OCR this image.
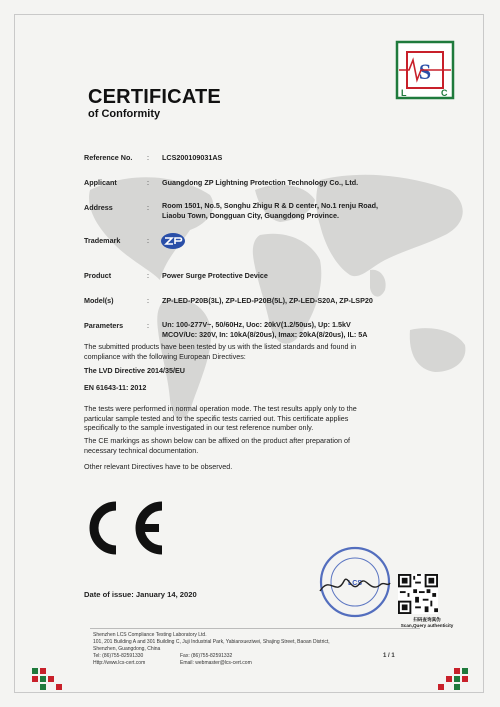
S
L	C
CERTIFICATE
of Conformity
Reference No. : LCS200109031AS
Applicant	: Guangdong ZP Lightning Protection Technology Co., Ltd.
Address	: Room 1501, No.5, Songhu Zhigu R & D center, No.1 renju Road,
Liaobu Town, Dongguan City, Guangdong Province.
Trademark	:
Product	: Power Surge Protective Device
Model(s)	: ZP-LED-P20B(3L), ZP-LED-P20B(5L), ZP-LED-S20A, ZP-LSP20
Parameters	: Un: 100-277V~, 50/60Hz, Uoc: 20kV(1.2/50us), Up: 1.5kV
MCOV/Uc: 320V, In: 10kA(8/20us), Imax: 20kA(8/20us), IL: 5A
The submitted products have been tested by us with the listed standards and found in
compliance with the following European Directives:
The LVD Directive 2014/35/EU
EN 61643-11: 2012
The tests were performed in normal operation mode. The test results apply only to the
particular sample tested and to the specific tests carried out. This certificate applies
specifically to the sample investigated in our test reference number only.
The CE markings as shown below can be affixed on the product after preparation of
necessary technical documentation.
Other relevant Directives have to be observed.
LCS
扫码查询真伪
Scan,Query authenticity
Date of issue: January 14, 2020
Shenzhen LCS Compliance Testing Laboratory Ltd.
101, 201 Building A and 301 Building C, Juji Industrial Park, Yabianxueziwei, Shajing Street, Baoan District,
Shenzhen, Guangdong, China
Tel: (86)755-82591330	Fax: (86)755-82591332
Http://www.lcs-cert.com	Email: webmaster@lcs-cert.com
1 / 1
